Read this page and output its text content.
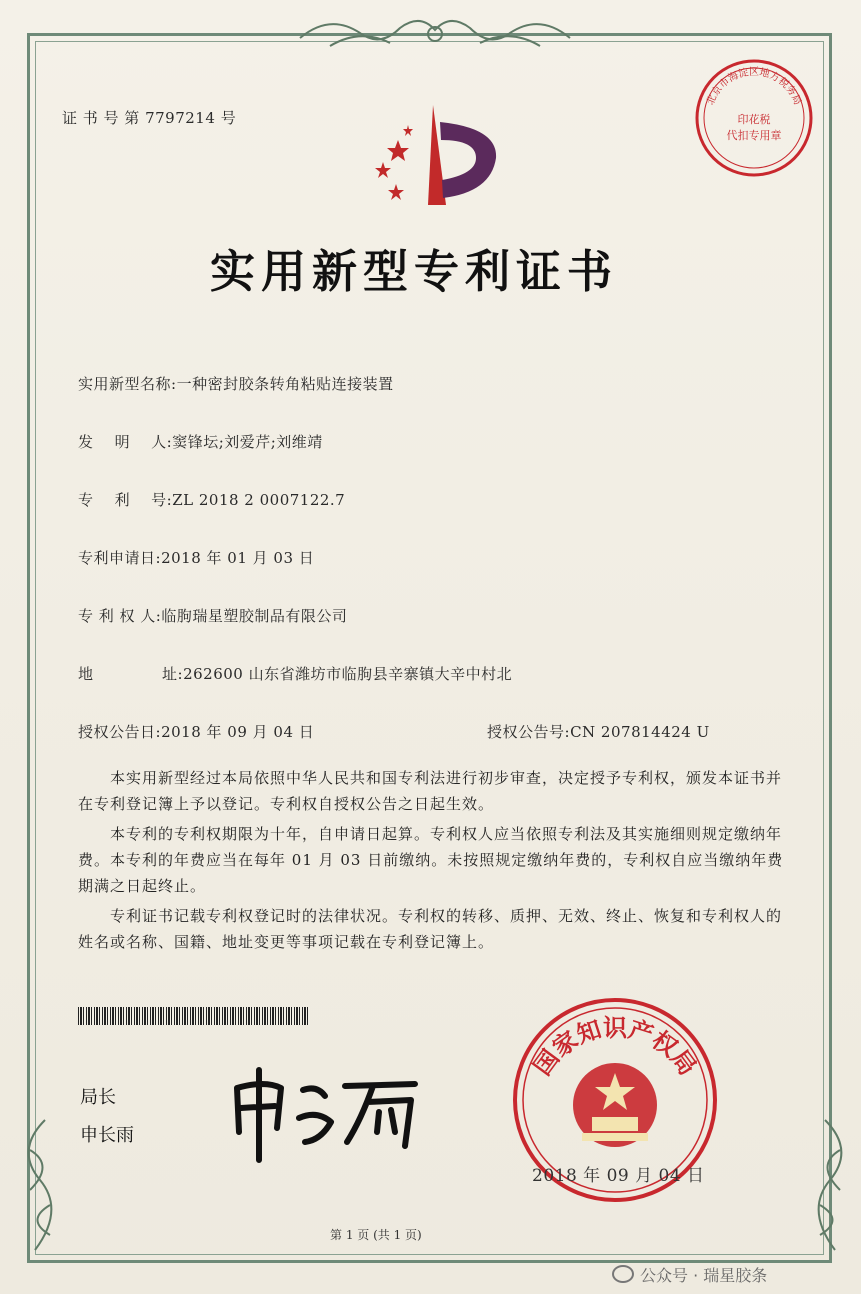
证 书 号 第 7797214 号
北京市海淀区地方税务局
印花税
代扣专用章
实用新型专利证书
实用新型名称:一种密封胶条转角粘贴连接装置
发    明    人:窦锋坛;刘爱芹;刘维靖
专    利    号:ZL 2018 2 0007122.7
专利申请日:2018 年 01 月 03 日
专 利 权 人:临朐瑞星塑胶制品有限公司
地	址:262600 山东省潍坊市临朐县辛寨镇大辛中村北
授权公告日:2018 年 09 月 04 日	授权公告号:CN 207814424 U
本实用新型经过本局依照中华人民共和国专利法进行初步审查，决定授予专利权，颁发本证书并在专利登记簿上予以登记。专利权自授权公告之日起生效。
本专利的专利权期限为十年，自申请日起算。专利权人应当依照专利法及其实施细则规定缴纳年费。本专利的年费应当在每年 01 月 03 日前缴纳。未按照规定缴纳年费的，专利权自应当缴纳年费期满之日起终止。
专利证书记载专利权登记时的法律状况。专利权的转移、质押、无效、终止、恢复和专利权人的姓名或名称、国籍、地址变更等事项记载在专利登记簿上。
局长
申长雨
国家知识产权局
2018 年 09 月 04 日
第 1 页 (共 1 页)
公众号 · 瑞星胶条
